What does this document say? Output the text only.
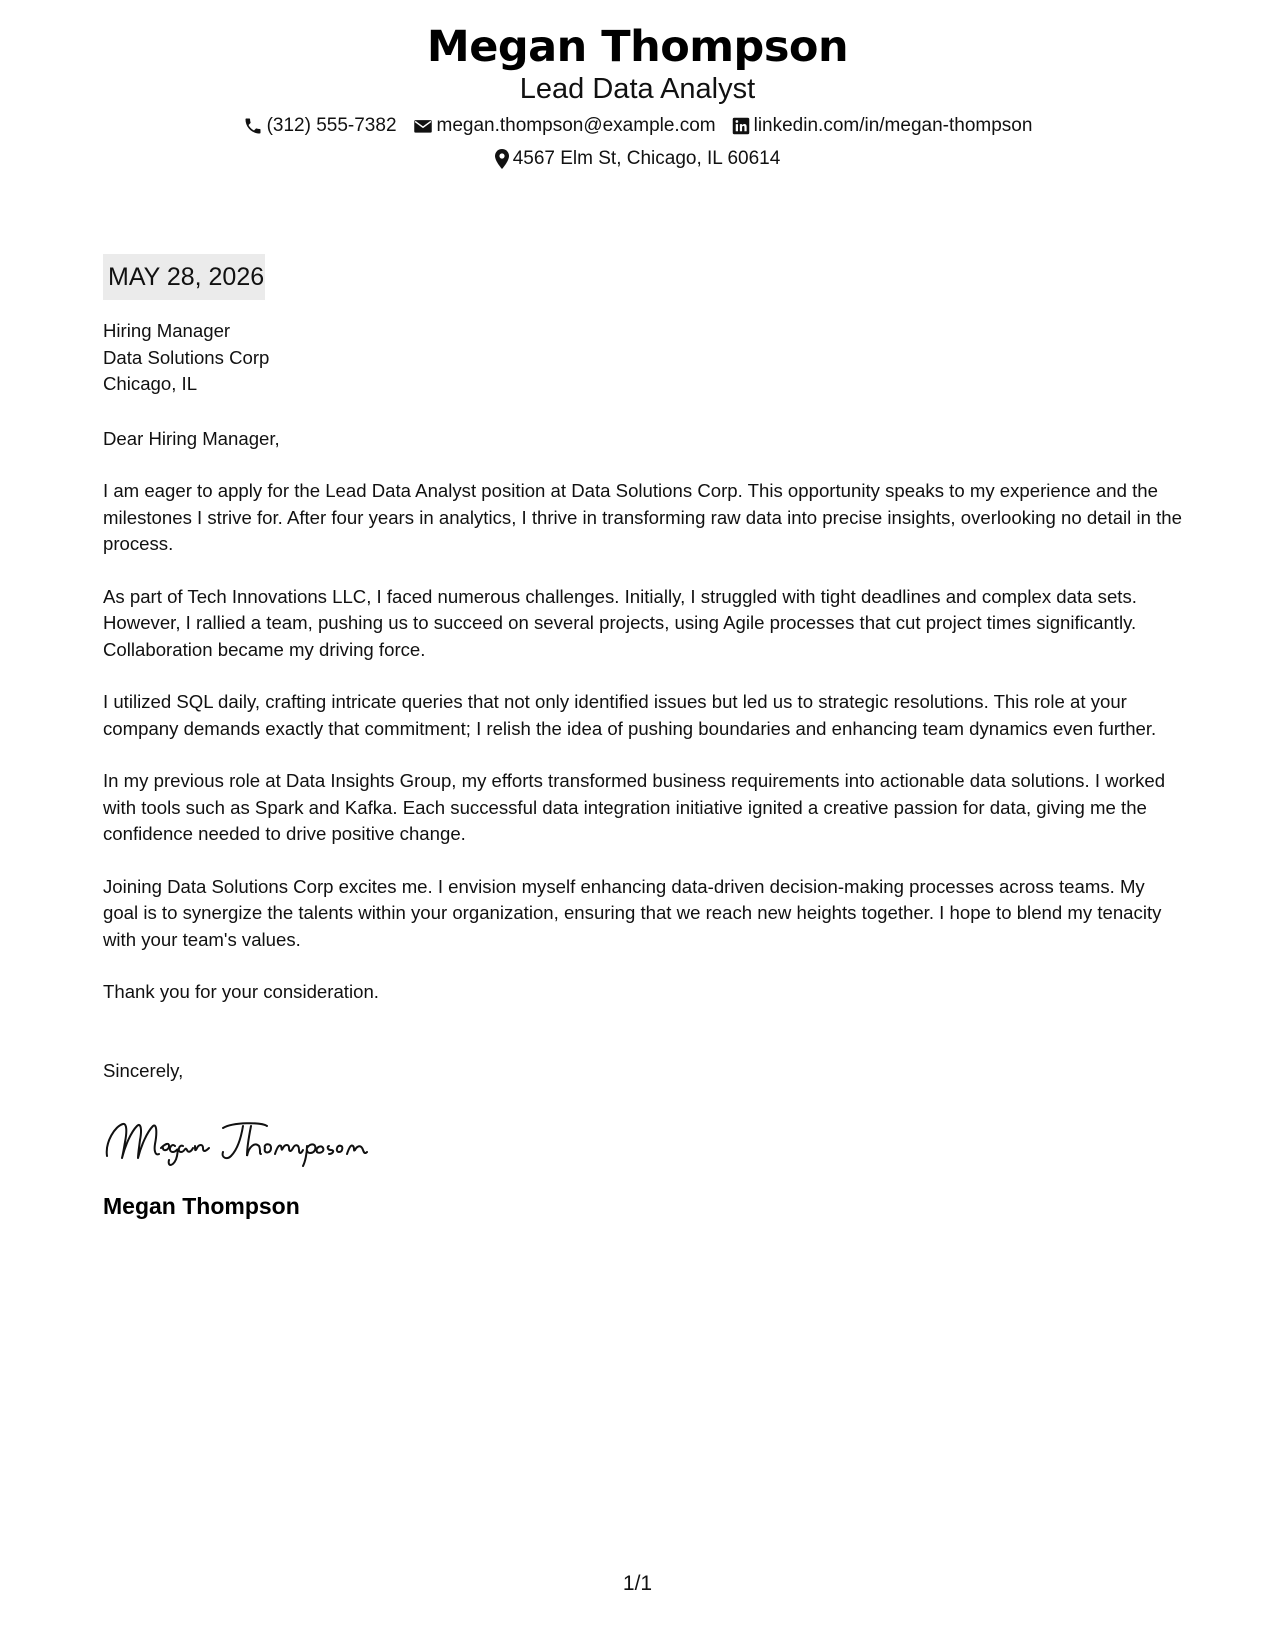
Megan Thompson
Lead Data Analyst
(312) 555-7382 megan.thompson@example.com linkedin.com/in/megan-thompson
4567 Elm St, Chicago, IL 60614
MAY 28, 2026
Hiring Manager
Data Solutions Corp
Chicago, IL
Dear Hiring Manager,
I am eager to apply for the Lead Data Analyst position at Data Solutions Corp. This opportunity speaks to my experience and the milestones I strive for. After four years in analytics, I thrive in transforming raw data into precise insights, overlooking no detail in the process.
As part of Tech Innovations LLC, I faced numerous challenges. Initially, I struggled with tight deadlines and complex data sets. However, I rallied a team, pushing us to succeed on several projects, using Agile processes that cut project times significantly. Collaboration became my driving force.
I utilized SQL daily, crafting intricate queries that not only identified issues but led us to strategic resolutions. This role at your company demands exactly that commitment; I relish the idea of pushing boundaries and enhancing team dynamics even further.
In my previous role at Data Insights Group, my efforts transformed business requirements into actionable data solutions. I worked with tools such as Spark and Kafka. Each successful data integration initiative ignited a creative passion for data, giving me the confidence needed to drive positive change.
Joining Data Solutions Corp excites me. I envision myself enhancing data-driven decision-making processes across teams. My goal is to synergize the talents within your organization, ensuring that we reach new heights together. I hope to blend my tenacity with your team's values.
Thank you for your consideration.
Sincerely,
Megan Thompson
1/1
